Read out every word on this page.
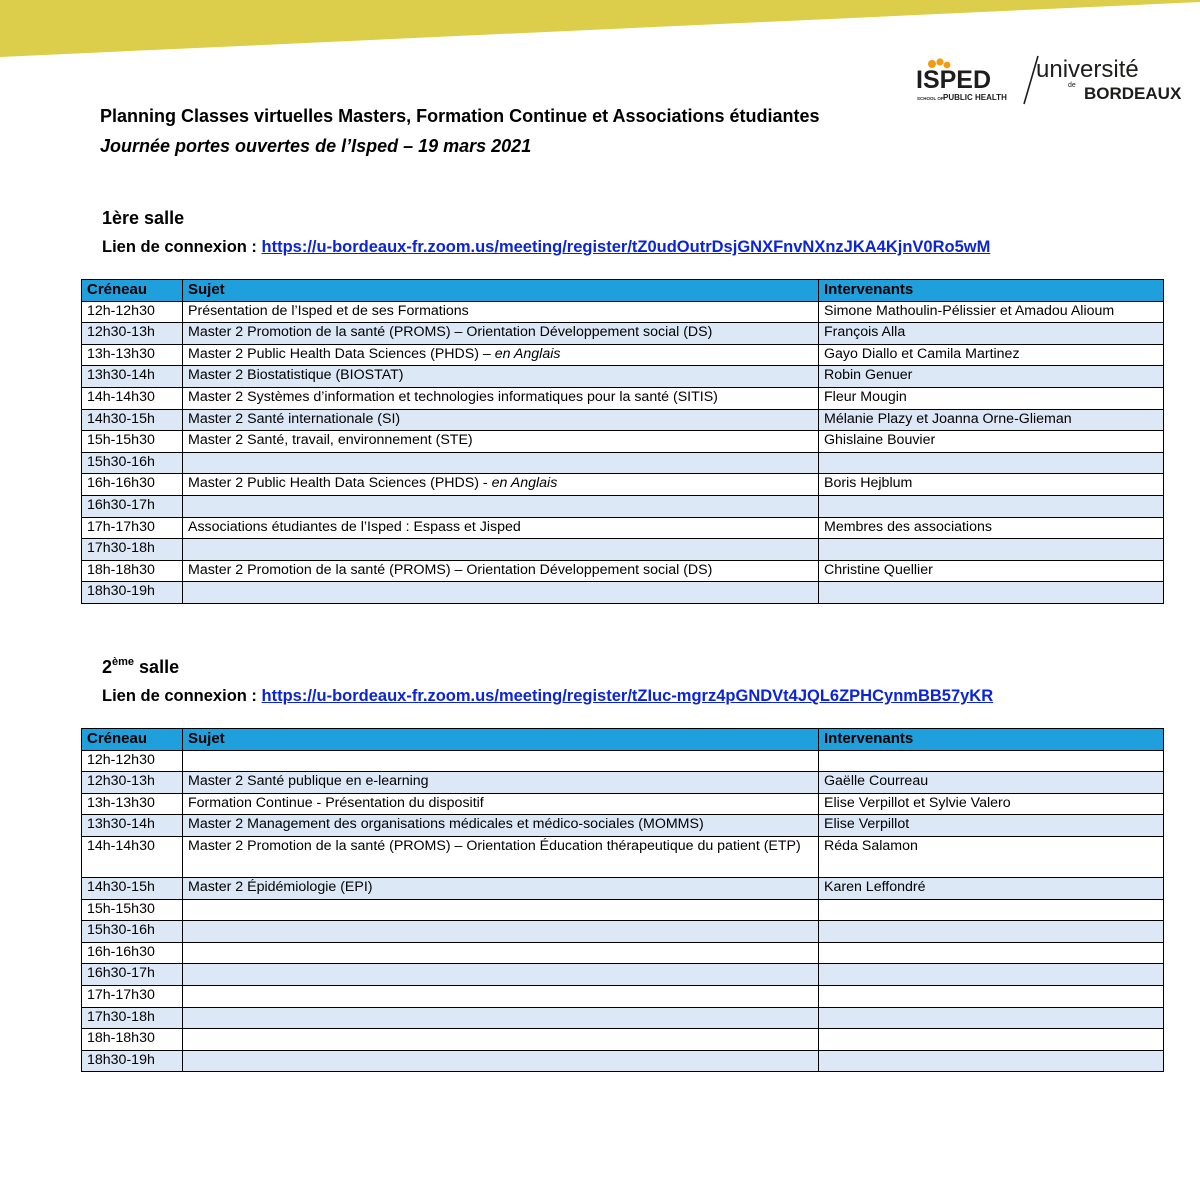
ISPED
SCHOOL OF PUBLIC HEALTH
université
de BORDEAUX
Planning Classes virtuelles Masters, Formation Continue et Associations étudiantes
Journée portes ouvertes de l’Isped – 19 mars 2021
1ère salle
Lien de connexion : https://u-bordeaux-fr.zoom.us/meeting/register/tZ0udOutrDsjGNXFnvNXnzJKA4KjnV0Ro5wM
Créneau	Sujet	Intervenants
12h-12h30	Présentation de l’Isped et de ses Formations	Simone Mathoulin-Pélissier et Amadou Alioum
12h30-13h	Master 2 Promotion de la santé (PROMS) – Orientation Développement social (DS)	François Alla
13h-13h30	Master 2 Public Health Data Sciences (PHDS) – en Anglais	Gayo Diallo et Camila Martinez
13h30-14h	Master 2 Biostatistique (BIOSTAT)	Robin Genuer
14h-14h30	Master 2 Systèmes d’information et technologies informatiques pour la santé (SITIS)	Fleur Mougin
14h30-15h	Master 2 Santé internationale (SI)	Mélanie Plazy et Joanna Orne-Glieman
15h-15h30	Master 2 Santé, travail, environnement (STE)	Ghislaine Bouvier
15h30-16h		
16h-16h30	Master 2 Public Health Data Sciences (PHDS) - en Anglais	Boris Hejblum
16h30-17h		
17h-17h30	Associations étudiantes de l’Isped : Espass et Jisped	Membres des associations
17h30-18h		
18h-18h30	Master 2 Promotion de la santé (PROMS) – Orientation Développement social (DS)	Christine Quellier
18h30-19h		
2ème salle
Lien de connexion : https://u-bordeaux-fr.zoom.us/meeting/register/tZIuc-mgrz4pGNDVt4JQL6ZPHCynmBB57yKR
Créneau	Sujet	Intervenants
12h-12h30		
12h30-13h	Master 2 Santé publique en e-learning	Gaëlle Courreau
13h-13h30	Formation Continue - Présentation du dispositif	Elise Verpillot et Sylvie Valero
13h30-14h	Master 2 Management des organisations médicales et médico-sociales (MOMMS)	Elise Verpillot
14h-14h30	Master 2 Promotion de la santé (PROMS) – Orientation Éducation thérapeutique du patient (ETP)	Réda Salamon
14h30-15h	Master 2 Épidémiologie (EPI)	Karen Leffondré
15h-15h30		
15h30-16h		
16h-16h30		
16h30-17h		
17h-17h30		
17h30-18h		
18h-18h30		
18h30-19h		
